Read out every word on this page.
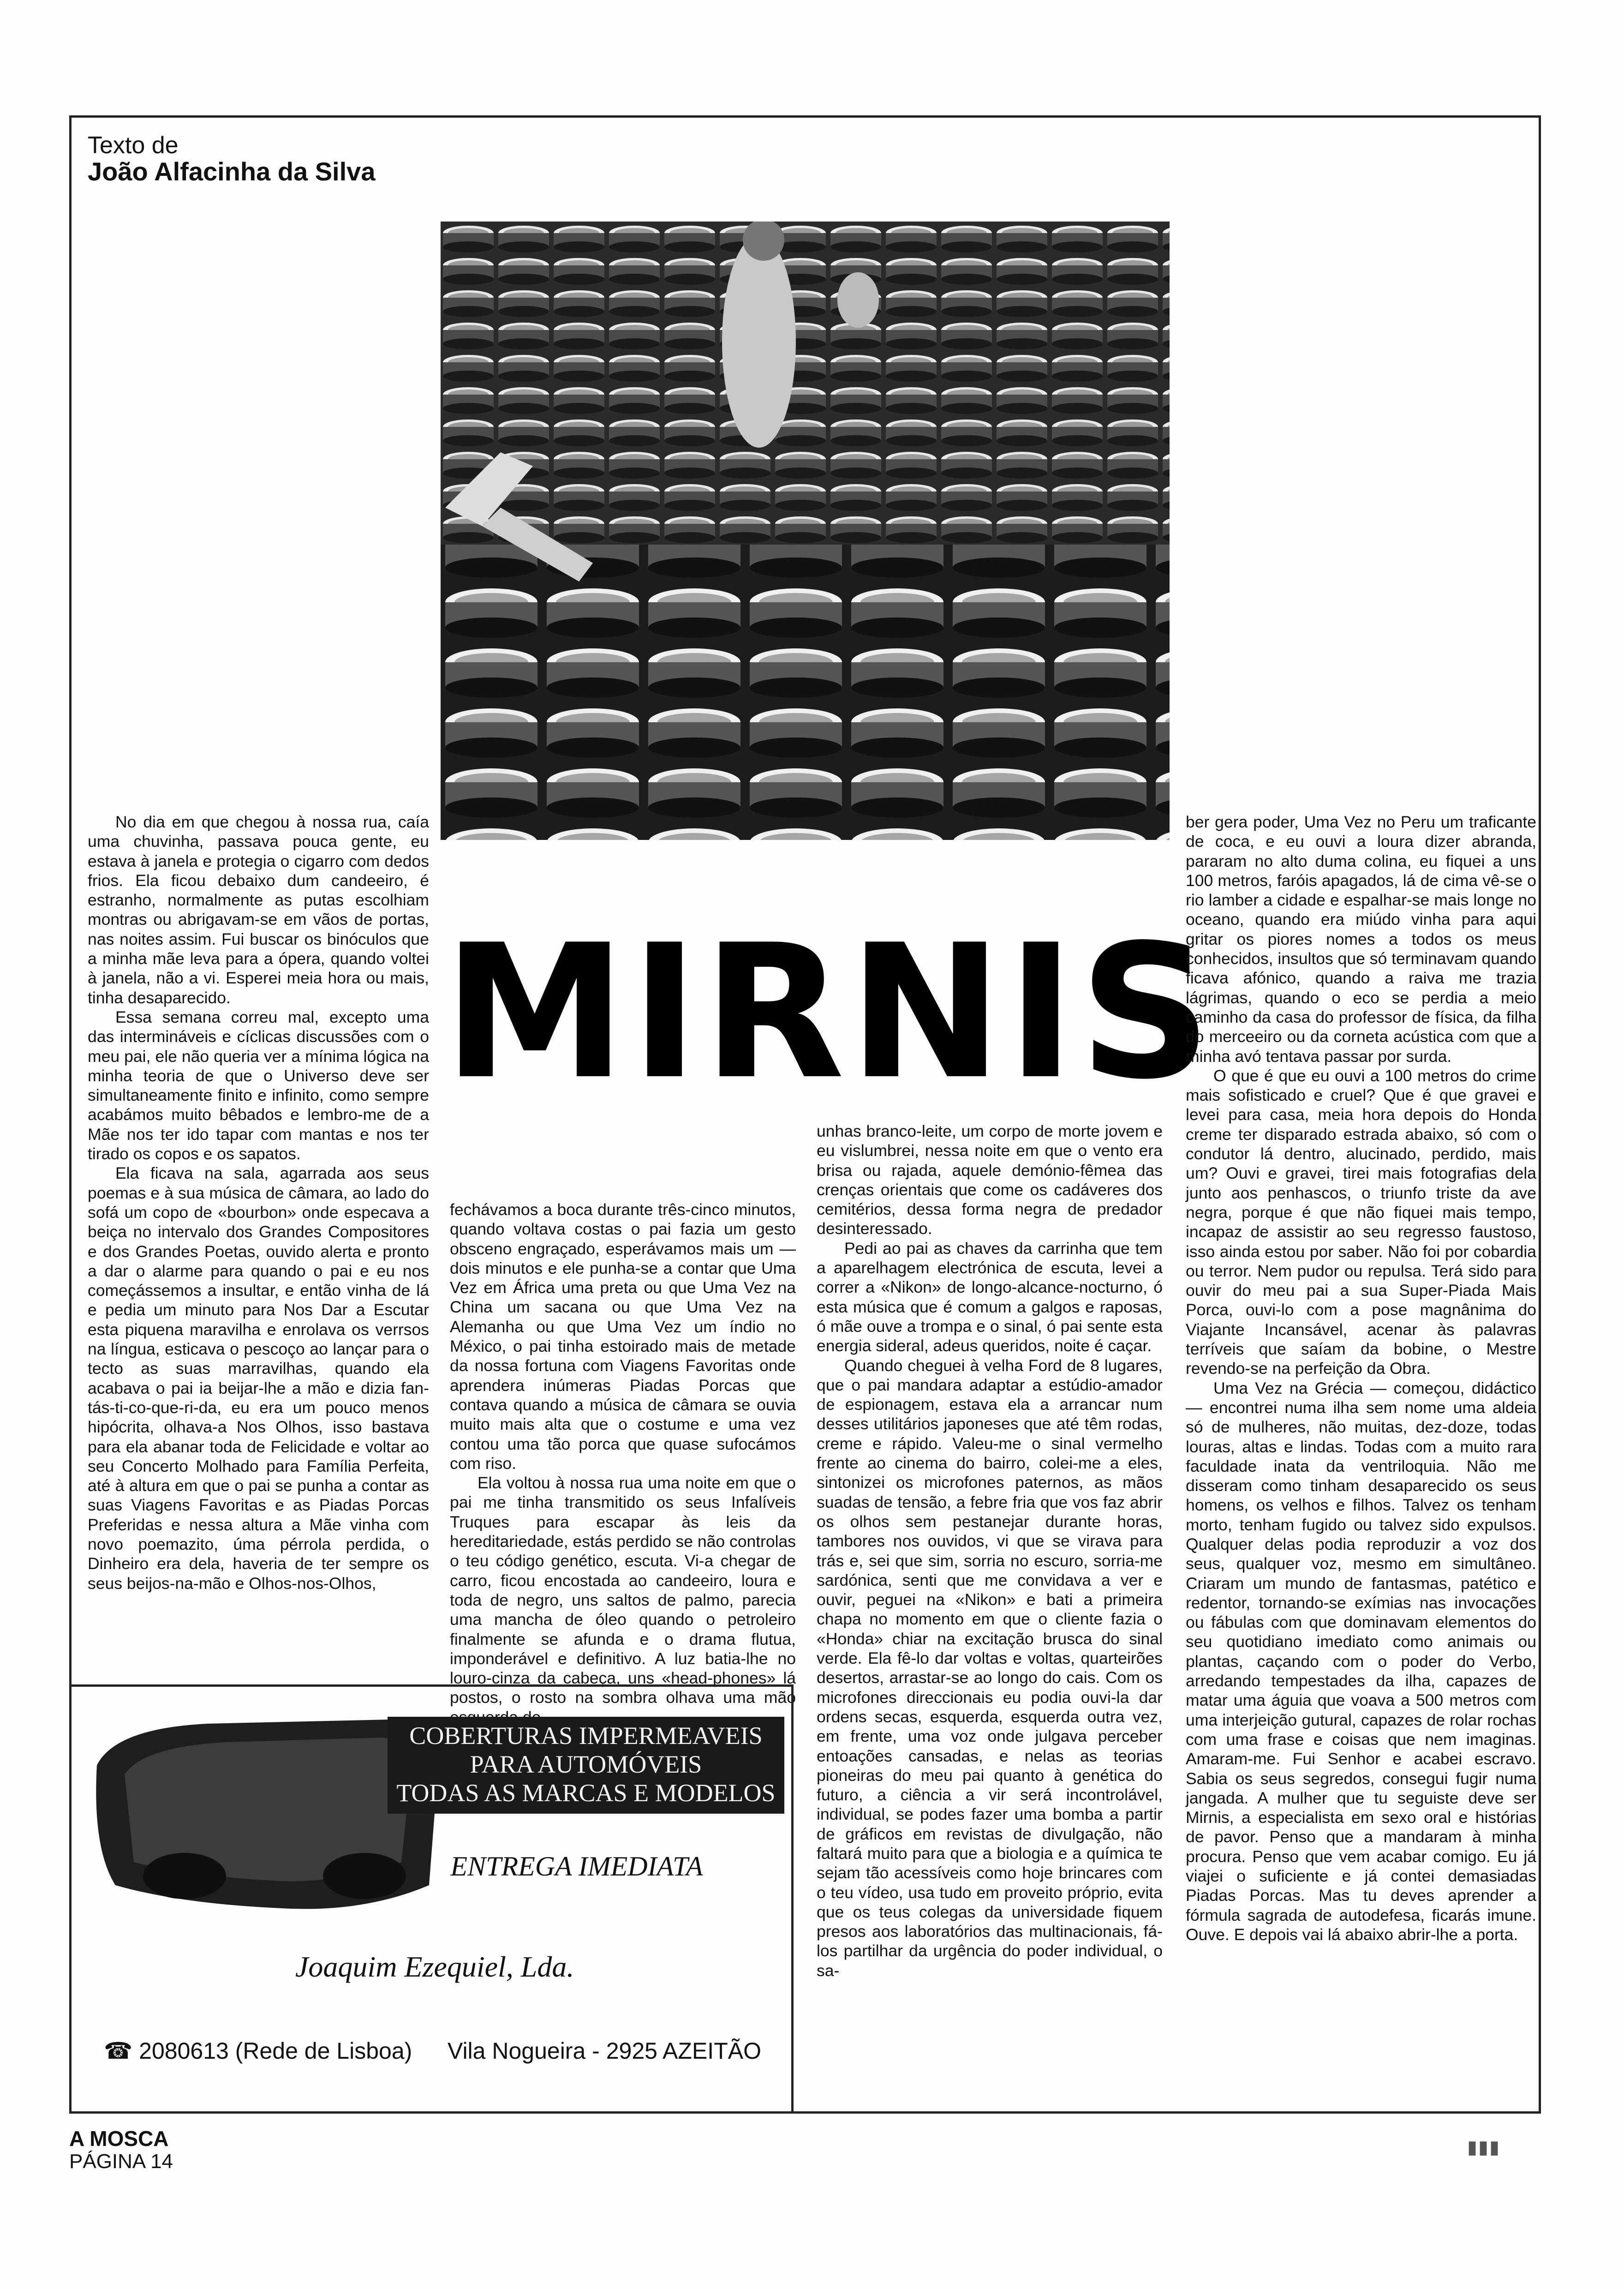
Texto de
João Alfacinha da Silva
MIRNIS

No dia em que chegou à nossa rua, caía uma chuvinha, passava pouca gente, eu estava à janela e protegia o cigarro com dedos frios. Ela ficou debaixo dum candeeiro, é estranho, normalmente as putas escolhiam montras ou abrigavam-se em vãos de portas, nas noites assim. Fui buscar os binóculos que a minha mãe leva para a ópera, quando voltei à janela, não a vi. Esperei meia hora ou mais, tinha desaparecido.

Essa semana correu mal, excepto uma das intermináveis e cíclicas discussões com o meu pai, ele não queria ver a mínima lógica na minha teoria de que o Universo deve ser simultaneamente finito e infinito, como sempre acabámos muito bêbados e lembro-me de a Mãe nos ter ido tapar com mantas e nos ter tirado os copos e os sapatos.

Ela ficava na sala, agarrada aos seus poemas e à sua música de câmara, ao lado do sofá um copo de «bourbon» onde especava a beiça no intervalo dos Grandes Compositores e dos Grandes Poetas, ouvido alerta e pronto a dar o alarme para quando o pai e eu nos começássemos a insultar, e então vinha de lá e pedia um minuto para Nos Dar a Escutar esta piquena maravilha e enrolava os verrsos na língua, esticava o pescoço ao lançar para o tecto as suas marravilhas, quando ela acabava o pai ia beijar-lhe a mão e dizia fan-tás-ti-co-que-ri-da, eu era um pouco menos hipócrita, olhava-a Nos Olhos, isso bastava para ela abanar toda de Felicidade e voltar ao seu Concerto Molhado para Família Perfeita, até à altura em que o pai se punha a contar as suas Viagens Favoritas e as Piadas Porcas Preferidas e nessa altura a Mãe vinha com novo poemazito, úma pérrola perdida, o Dinheiro era dela, haveria de ter sempre os seus beijos-na-mão e Olhos-nos-Olhos,

fechávamos a boca durante três-cinco minutos, quando voltava costas o pai fazia um gesto obsceno engraçado, esperávamos mais um — dois minutos e ele punha-se a contar que Uma Vez em África uma preta ou que Uma Vez na China um sacana ou que Uma Vez na Alemanha ou que Uma Vez um índio no México, o pai tinha estoirado mais de metade da nossa fortuna com Viagens Favoritas onde aprendera inúmeras Piadas Porcas que contava quando a música de câmara se ouvia muito mais alta que o costume e uma vez contou uma tão porca que quase sufocámos com riso.

Ela voltou à nossa rua uma noite em que o pai me tinha transmitido os seus Infalíveis Truques para escapar às leis da hereditariedade, estás perdido se não controlas o teu código genético, escuta. Vi-a chegar de carro, ficou encostada ao candeeiro, loura e toda de negro, uns saltos de palmo, parecia uma mancha de óleo quando o petroleiro finalmente se afunda e o drama flutua, imponderável e definitivo. A luz batia-lhe no louro-cinza da cabeça, uns «head-phones» lá postos, o rosto na sombra olhava uma mão

unhas branco-leite, um corpo de morte jovem e eu vislumbrei, nessa noite em que o vento era brisa ou rajada, aquele demónio-fêmea das crenças orientais que come os cadáveres dos cemitérios, dessa forma negra de predador desinteressado.

Pedi ao pai as chaves da carrinha que tem a aparelhagem electrónica de escuta, levei a correr a «Nikon» de longo-alcance-nocturno, ó esta música que é comum a galgos e raposas, ó mãe ouve a trompa e o sinal, ó pai sente esta energia sideral, adeus queridos, noite é caçar.

Quando cheguei à velha Ford de 8 lugares, que o pai mandara adaptar a estúdio-amador de espionagem, estava ela a arrancar num desses utilitários japoneses que até têm rodas, creme e rápido. Valeu-me o sinal vermelho frente ao cinema do bairro, colei-me a eles, sintonizei os microfones paternos, as mãos suadas de tensão, a febre fria que vos faz abrir os olhos sem pestanejar durante horas, tambores nos ouvidos, vi que se virava para trás e, sei que sim, sorria no escuro, sorria-me sardónica, senti que me convidava a ver e ouvir, peguei na «Nikon» e bati a primeira chapa no momento em que o cliente fazia o «Honda» chiar na excitação brusca do sinal verde. Ela fê-lo dar voltas e voltas, quarteirões desertos, arrastar-se ao longo do cais. Com os microfones direccionais eu podia ouvi-la dar ordens secas, esquerda, esquerda outra vez, em frente, uma voz onde julgava perceber entoações cansadas, e nelas as teorias pioneiras do meu pai quanto à genética do futuro, a ciência a vir será incontrolável, individual, se podes fazer uma bomba a partir de gráficos em revistas de divulgação, não faltará muito para que a biologia e a química te sejam tão acessíveis como hoje brincares com o teu vídeo, usa tudo em proveito próprio, evita que os teus colegas da universidade fiquem presos aos laboratórios das multinacionais, fá-los partilhar da urgência do poder individual, o sa-

ber gera poder, Uma Vez no Peru um traficante de coca, e eu ouvi a loura dizer abranda, pararam no alto duma colina, eu fiquei a uns 100 metros, faróis apagados, lá de cima vê-se o rio lamber a cidade e espalhar-se mais longe no oceano, quando era miúdo vinha para aqui gritar os piores nomes a todos os meus conhecidos, insultos que só terminavam quando ficava afónico, quando a raiva me trazia lágrimas, quando o eco se perdia a meio caminho da casa do professor de física, da filha do merceeiro ou da corneta acústica com que a minha avó tentava passar por surda.

O que é que eu ouvi a 100 metros do crime mais sofisticado e cruel? Que é que gravei e levei para casa, meia hora depois do Honda creme ter disparado estrada abaixo, só com o condutor lá dentro, alucinado, perdido, mais um? Ouvi e gravei, tirei mais fotografias dela junto aos penhascos, o triunfo triste da ave negra, porque é que não fiquei mais tempo, incapaz de assistir ao seu regresso faustoso, isso ainda estou por saber. Não foi por cobardia ou terror. Nem pudor ou repulsa. Terá sido para ouvir do meu pai a sua Super-Piada Mais Porca, ouvi-lo com a pose magnânima do Viajante Incansável, acenar às palavras terríveis que saíam da bobine, o Mestre revendo-se na perfeição da Obra.

Uma Vez na Grécia — começou, didáctico — encontrei numa ilha sem nome uma aldeia só de mulheres, não muitas, dez-doze, todas louras, altas e lindas. Todas com a muito rara faculdade inata da ventriloquia. Não me disseram como tinham desaparecido os seus homens, os velhos e filhos. Talvez os tenham morto, tenham fugido ou talvez sido expulsos. Qualquer delas podia reproduzir a voz dos seus, qualquer voz, mesmo em simultâneo. Criaram um mundo de fantasmas, patético e redentor, tornando-se exímias nas invocações ou fábulas com que dominavam elementos do seu quotidiano imediato como animais ou plantas, caçando com o poder do Verbo, arredando tempestades da ilha, capazes de matar uma águia que voava a 500 metros com uma interjeição gutural, capazes de rolar rochas com uma frase e coisas que nem imaginas. Amaram-me. Fui Senhor e acabei escravo. Sabia os seus segredos, consegui fugir numa jangada. A mulher que tu seguiste deve ser Mirnis, a especialista em sexo oral e histórias de pavor. Penso que a mandaram à minha procura. Penso que vem acabar comigo. Eu já viajei o suficiente e já contei demasiadas Piadas Porcas. Mas tu deves aprender a fórmula sagrada de autodefesa, ficarás imune. Ouve. E depois vai lá abaixo abrir-lhe a porta.

COBERTURAS IMPERMEAVEIS
PARA AUTOMÓVEIS
TODAS AS MARCAS E MODELOS
ENTREGA IMEDIATA
Joaquim Ezequiel, Lda.
☎ 2080613 (Rede de Lisboa) Vila Nogueira - 2925 AZEITÃO
A MOSCA
PÁGINA 14
▮▮▮
